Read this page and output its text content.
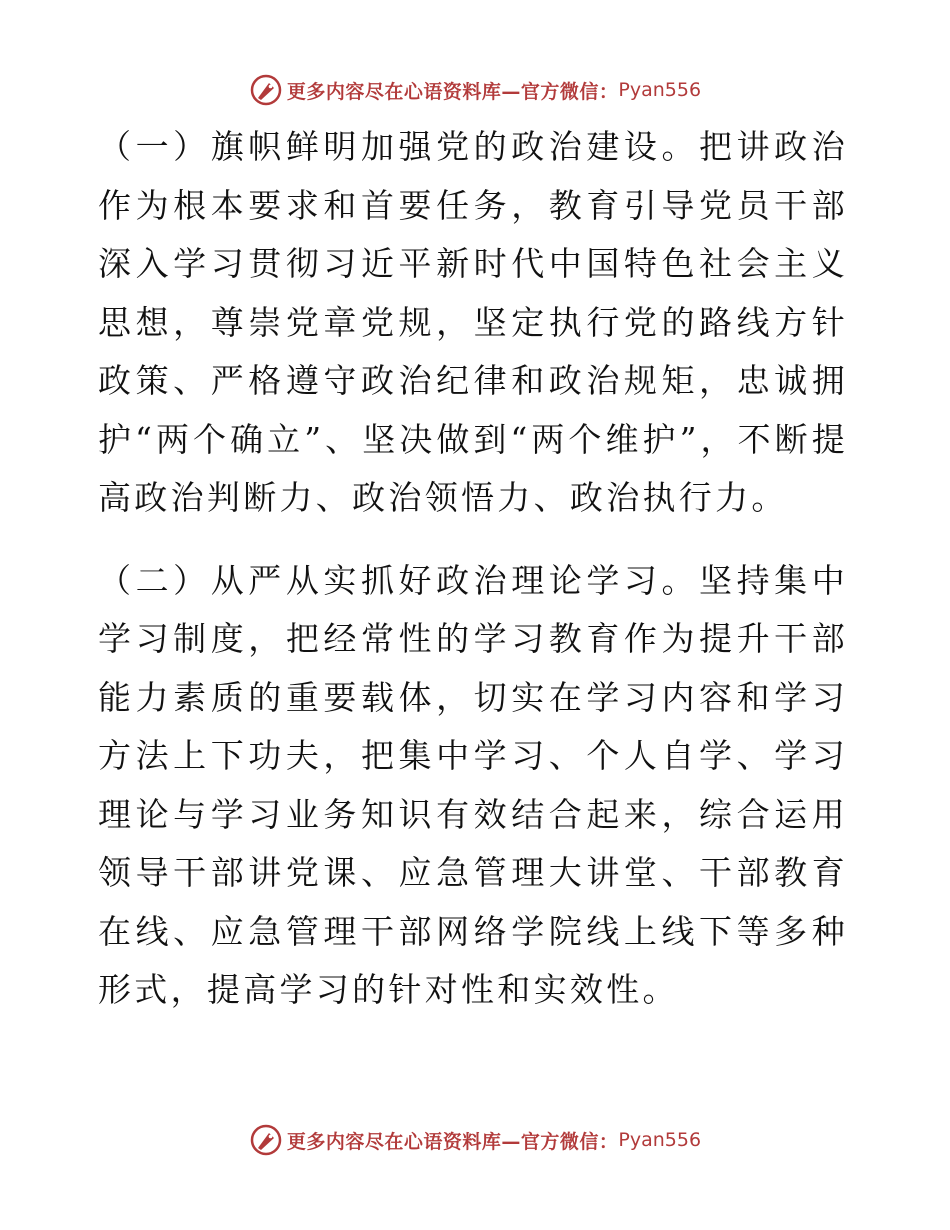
更多内容尽在心语资料库—官方微信： Pyan556

（一）旗帜鲜明加强党的政治建设。把讲政治作为根本要求和首要任务，教育引导党员干部深入学习贯彻习近平新时代中国特色社会主义思想，尊崇党章党规，坚定执行党的路线方针政策、严格遵守政治纪律和政治规矩，忠诚拥护“两个确立”、坚决做到“两个维护”，不断提高政治判断力、政治领悟力、政治执行力。

（二）从严从实抓好政治理论学习。坚持集中学习制度，把经常性的学习教育作为提升干部能力素质的重要载体，切实在学习内容和学习方法上下功夫，把集中学习、个人自学、学习理论与学习业务知识有效结合起来，综合运用领导干部讲党课、应急管理大讲堂、干部教育在线、应急管理干部网络学院线上线下等多种形式，提高学习的针对性和实效性。

更多内容尽在心语资料库—官方微信： Pyan556
